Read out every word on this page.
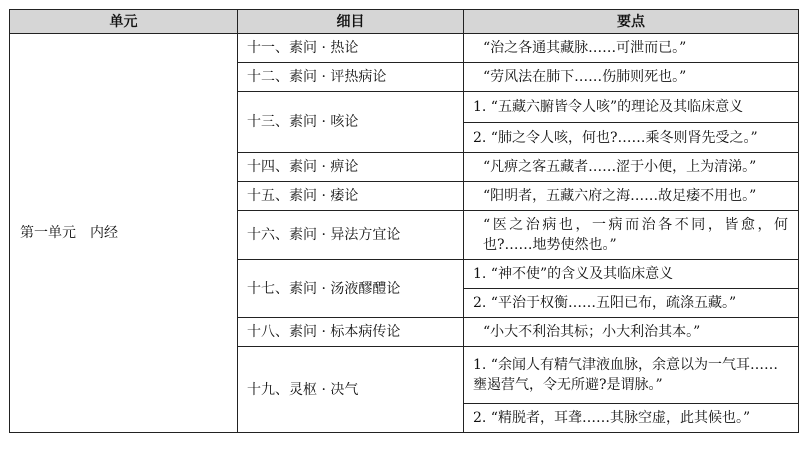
单元	细目	要点
第一单元　内经	十一、素问 · 热论	“治之各通其藏脉……可泄而已。”
	十二、素问 · 评热病论	“劳风法在肺下……伤肺则死也。”
	十三、素问 · 咳论	1. “五藏六腑皆令人咳”的理论及其临床意义
		2. “肺之令人咳，何也?……乘冬则肾先受之。”
	十四、素问 · 痹论	“凡痹之客五藏者……涩于小便，上为清涕。”
	十五、素问 · 痿论	“阳明者，五藏六府之海……故足痿不用也。”
	十六、素问 · 异法方宜论	“医之治病也，一病而治各不同，皆愈，何也?……地势使然也。”
	十七、素问 · 汤液醪醴论	1. “神不使”的含义及其临床意义
		2. “平治于权衡……五阳已布，疏涤五藏。”
	十八、素问 · 标本病传论	“小大不利治其标；小大利治其本。”
	十九、灵枢 · 决气	1. “余闻人有精气津液血脉，余意以为一气耳……壅遏营气，令无所避?是谓脉。”
		2. “精脱者，耳聋……其脉空虚，此其候也。”
